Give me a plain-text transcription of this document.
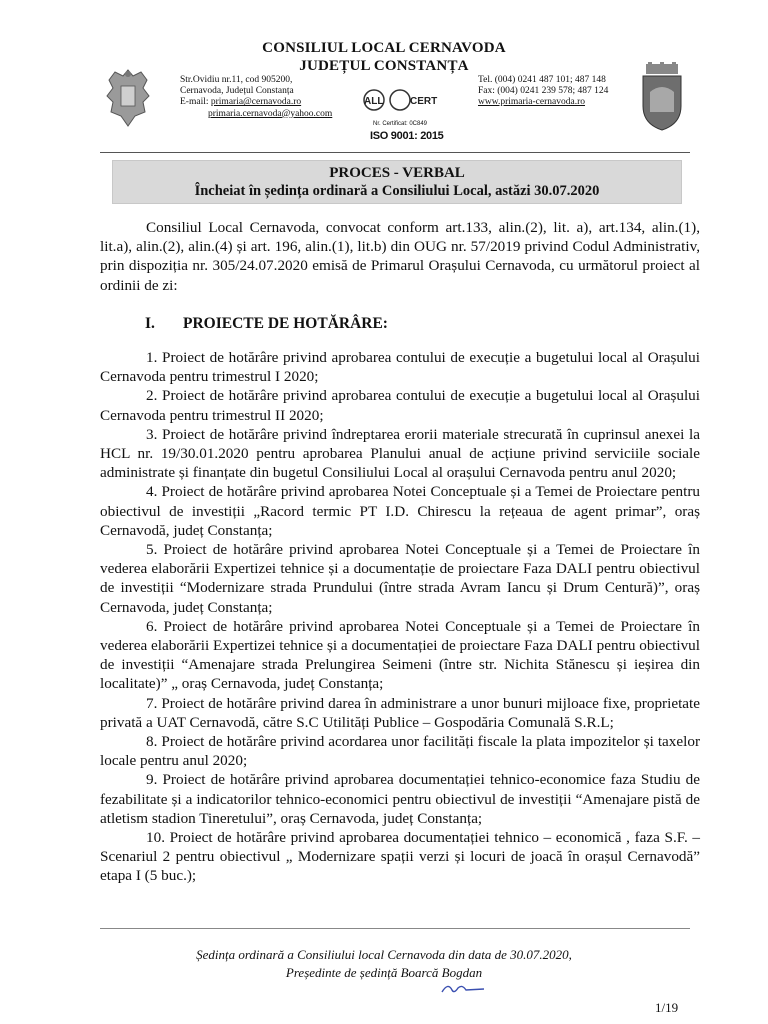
CONSILIUL LOCAL CERNAVODA
JUDEȚUL CONSTANȚA
Str.Ovidiu nr.11, cod 905200,
Cernavoda, Județul Constanța
E-mail: primaria@cernavoda.ro
primaria.cernavoda@yahoo.com
ALL	CERT
Nr. Certificat: 0C849
ISO 9001: 2015
Tel. (004) 0241 487 101; 487 148
Fax: (004) 0241 239 578; 487 124
www.primaria-cernavoda.ro
PROCES - VERBAL
Încheiat în ședința ordinară a Consiliului Local, astăzi 30.07.2020
Consiliul Local Cernavoda, convocat conform art.133, alin.(2), lit. a), art.134, alin.(1), lit.a), alin.(2), alin.(4) și art. 196, alin.(1), lit.b) din OUG nr. 57/2019 privind Codul Administrativ, prin dispoziția nr. 305/24.07.2020 emisă de Primarul Orașului Cernavoda, cu următorul proiect al ordinii de zi:
I. PROIECTE DE HOTĂRÂRE:

1. Proiect de hotărâre privind aprobarea contului de execuție a bugetului local al Orașului Cernavoda pentru trimestrul I 2020;

2. Proiect de hotărâre privind aprobarea contului de execuție a bugetului local al Orașului Cernavoda pentru trimestrul II 2020;

3. Proiect de hotărâre privind îndreptarea erorii materiale strecurată în cuprinsul anexei la HCL nr. 19/30.01.2020 pentru aprobarea Planului anual de acțiune privind serviciile sociale administrate și finanțate din bugetul Consiliului Local al orașului Cernavoda pentru anul 2020;

4. Proiect de hotărâre privind aprobarea Notei Conceptuale și a Temei de Proiectare pentru obiectivul de investiții „Racord termic PT I.D. Chirescu la rețeaua de agent primar”, oraș Cernavodă, județ Constanța;

5. Proiect de hotărâre privind aprobarea Notei Conceptuale și a Temei de Proiectare în vederea elaborării Expertizei tehnice și a documentație de proiectare Faza DALI pentru obiectivul de investiții “Modernizare strada Prundului (între strada Avram Iancu și Drum Centură)”, oraș Cernavoda, județ Constanța;

6. Proiect de hotărâre privind aprobarea Notei Conceptuale și a Temei de Proiectare în vederea elaborării Expertizei tehnice și a documentației de proiectare Faza DALI pentru obiectivul de investiții “Amenajare strada Prelungirea Seimeni (între str. Nichita Stănescu și ieșirea din localitate)” „ oraș Cernavoda, județ Constanța;

7. Proiect de hotărâre privind darea în administrare a unor bunuri mijloace fixe, proprietate privată a UAT Cernavodă, către S.C Utilități Publice – Gospodăria Comunală S.R.L;

8. Proiect de hotărâre privind acordarea unor facilități fiscale la plata impozitelor și taxelor locale pentru anul 2020;

9. Proiect de hotărâre privind aprobarea documentației tehnico-economice faza Studiu de fezabilitate și a indicatorilor tehnico-economici pentru obiectivul de investiții “Amenajare pistă de atletism stadion Tineretului”, oraș Cernavoda, județ Constanța;

10. Proiect de hotărâre privind aprobarea documentației tehnico – economică , faza S.F. – Scenariul 2 pentru obiectivul „ Modernizare spații verzi și locuri de joacă în orașul Cernavodă” etapa I (5 buc.);

Ședința ordinară a Consiliului local Cernavoda din data de 30.07.2020,
Președinte de ședință Boarcă Bogdan
1/19
